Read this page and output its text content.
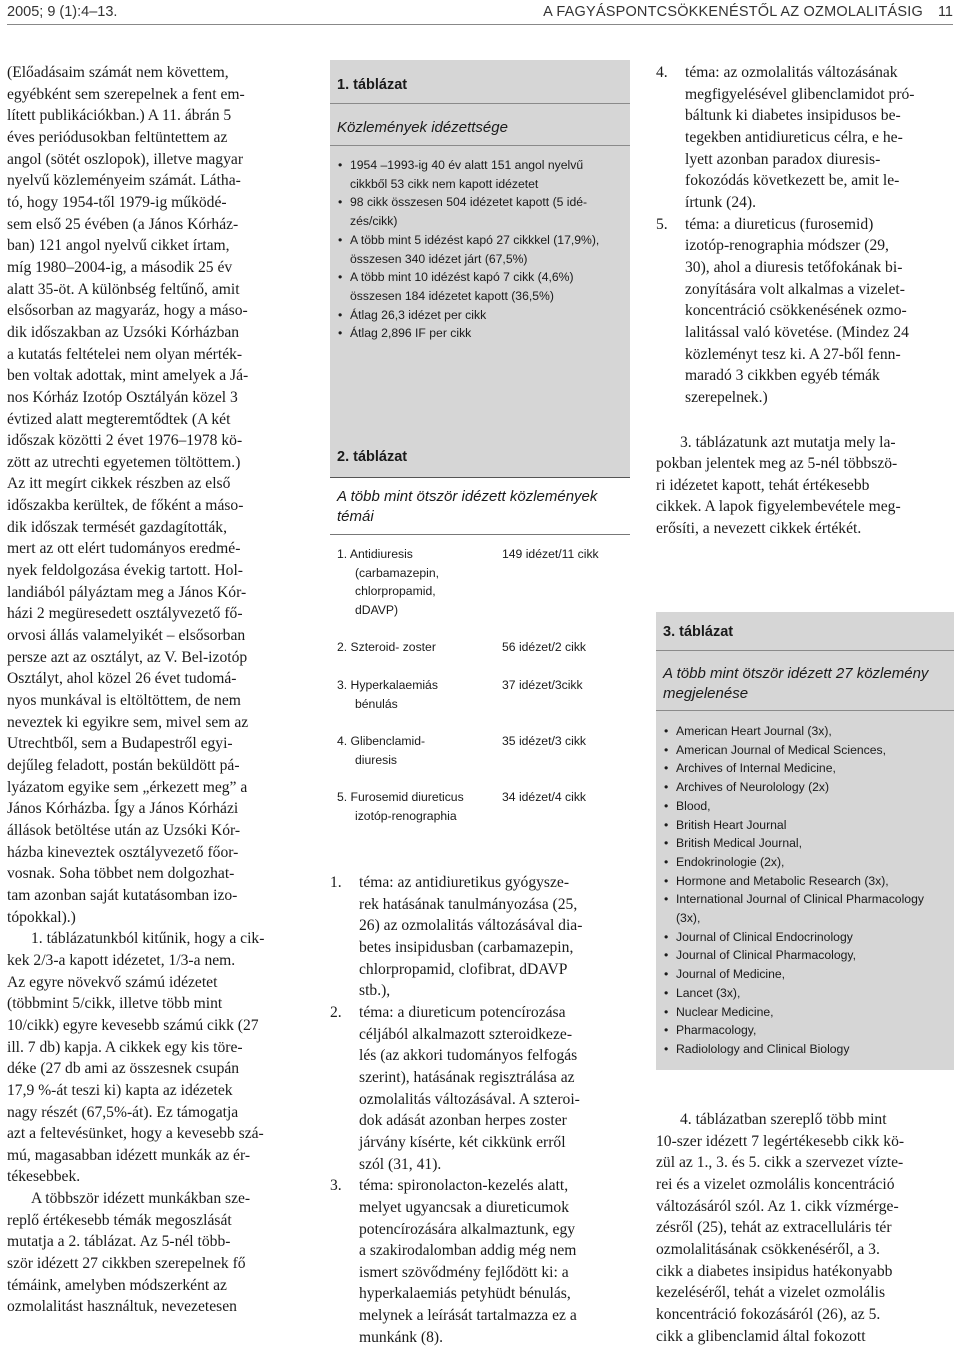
2005; 9 (1):4–13.	A FAGYÁSPONTCSÖKKENÉSTŐL AZ OZMOLALITÁSIG 11
(Előadásaim számát nem követtem,
egyébként sem szerepelnek a fent em-
lített publikációkban.) A 11. ábrán 5
éves periódusokban feltüntettem az
angol (sötét oszlopok), illetve magyar
nyelvű közleményeim számát. Látha-
tó, hogy 1954-től 1979-ig működé-
sem első 25 évében (a János Kórház-
ban) 121 angol nyelvű cikket írtam,
míg 1980–2004-ig, a második 25 év
alatt 35-öt. A különbség feltűnő, amit
elsősorban az magyaráz, hogy a máso-
dik időszakban az Uzsóki Kórházban
a kutatás feltételei nem olyan mérték-
ben voltak adottak, mint amelyek a Já-
nos Kórház Izotóp Osztályán közel 3
évtized alatt megteremtődtek (A két
időszak közötti 2 évet 1976–1978 kö-
zött az utrechti egyetemen töltöttem.)
Az itt megírt cikkek részben az első
időszakba kerültek, de főként a máso-
dik időszak termését gazdagították,
mert az ott elért tudományos eredmé-
nyek feldolgozása évekig tartott. Hol-
landiából pályáztam meg a János Kór-
házi 2 megüresedett osztályvezető fő-
orvosi állás valamelyikét – elsősorban
persze azt az osztályt, az V. Bel-izotóp
Osztályt, ahol közel 26 évet tudomá-
nyos munkával is eltöltöttem, de nem
neveztek ki egyikre sem, mivel sem az
Utrechtből, sem a Budapestről egyi-
dejűleg feladott, postán beküldött pá-
lyázatom egyike sem „érkezett meg” a
János Kórházba. Így a János Kórházi
állások betöltése után az Uzsóki Kór-
házba kineveztek osztályvezető főor-
vosnak. Soha többet nem dolgozhat-
tam azonban saját kutatásomban izo-
tópokkal).)
1. táblázatunkból kitűnik, hogy a cik-
kek 2/3-a kapott idézetet, 1/3-a nem.
Az egyre növekvő számú idézetet
(többmint 5/cikk, illetve több mint
10/cikk) egyre kevesebb számú cikk (27
ill. 7 db) kapja. A cikkek egy kis töre-
déke (27 db ami az összesnek csupán
17,9 %-át teszi ki) kapta az idézetek
nagy részét (67,5%-át). Ez támogatja
azt a feltevésünket, hogy a kevesebb szá-
mú, magasabban idézett munkák az ér-
tékesebbek.
A többször idézett munkákban sze-
replő értékesebb témák megoszlását
mutatja a 2. táblázat. Az 5-nél több-
ször idézett 27 cikkben szerepelnek fő
témáink, amelyben módszerként az
ozmolalitást használtuk, nevezetesen
1. táblázat
Közlemények idézettsége
• 1954 –1993-ig 40 év alatt 151 angol nyelvű
cikkből 53 cikk nem kapott idézetet
• 98 cikk összesen 504 idézetet kapott (5 idé-
zés/cikk)
• A több mint 5 idézést kapó 27 cikkkel (17,9%),
összesen 340 idézet járt (67,5%)
• A több mint 10 idézést kapó 7 cikk (4,6%)
összesen 184 idézetet kapott (36,5%)
• Átlag 26,3 idézet per cikk
• Átlag 2,896 IF per cikk
2. táblázat
A több mint ötször idézett közlemények
témái
1. Antidiuresis
(carbamazepin,
chlorpropamid,
dDAVP)
149 idézet/11 cikk
2. Szteroid- zoster	56 idézet/2 cikk
3. Hyperkalaemiás
bénulás
37 idézet/3cikk
4. Glibenclamid-
diuresis
35 idézet/3 cikk
5. Furosemid diureticus
izotóp-renographia
34 idézet/4 cikk
1. téma: az antidiuretikus gyógysze-
rek hatásának tanulmányozása (25,
26) az ozmolalitás változásával dia-
betes insipidusban (carbamazepin,
chlorpropamid, clofibrat, dDAVP
stb.),
2. téma: a diureticum potencírozása
céljából alkalmazott szteroidkeze-
lés (az akkori tudományos felfogás
szerint), hatásának regisztrálása az
ozmolalitás változásával. A szteroi-
dok adását azonban herpes zoster
járvány kísérte, két cikkünk erről
szól (31, 41).
3. téma: spironolacton-kezelés alatt,
melyet ugyancsak a diureticumok
potencírozására alkalmaztunk, egy
a szakirodalomban addig még nem
ismert szövődmény fejlődött ki: a
hyperkalaemiás petyhüdt bénulás,
melynek a leírását tartalmazza ez a
munkánk (8).
4. téma: az ozmolalitás változásának
megfigyelésével glibenclamidot pró-
báltunk ki diabetes insipidusos be-
tegekben antidiureticus célra, e he-
lyett azonban paradox diuresis-
fokozódás következett be, amit le-
írtunk (24).
5. téma: a diureticus (furosemid)
izotóp-renographia módszer (29,
30), ahol a diuresis tetőfokának bi-
zonyítására volt alkalmas a vizelet-
koncentráció csökkenésének ozmo-
lalitással való követése. (Mindez 24
közleményt tesz ki. A 27-ből fenn-
maradó 3 cikkben egyéb témák
szerepelnek.)

3. táblázatunk azt mutatja mely la-
pokban jelentek meg az 5-nél többszö-
ri idézetet kapott, tehát értékesebb
cikkek. A lapok figyelembevétele meg-
erősíti, a nevezett cikkek értékét.

3. táblázat
A több mint ötször idézett 27 közlemény
megjelenése
• American Heart Journal (3x),
• American Journal of Medical Sciences,
• Archives of Internal Medicine,
• Archives of Neurolology (2x)
• Blood,
• British Heart Journal
• British Medical Journal,
• Endokrinologie (2x),
• Hormone and Metabolic Research (3x),
• International Journal of Clinical Pharmacology
(3x),
• Journal of Clinical Endocrinology
• Journal of Clinical Pharmacology,
• Journal of Medicine,
• Lancet (3x),
• Nuclear Medicine,
• Pharmacology,
• Radiolology and Clinical Biology

4. táblázatban szereplő több mint
10-szer idézett 7 legértékesebb cikk kö-
zül az 1., 3. és 5. cikk a szervezet vízte-
rei és a vizelet ozmolális koncentráció
változásáról szól. Az 1. cikk vízmérge-
zésről (25), tehát az extracelluláris tér
ozmolalitásának csökkenéséről, a 3.
cikk a diabetes insipidus hatékonyabb
kezeléséről, tehát a vizelet ozmolális
koncentráció fokozásáról (26), az 5.
cikk a glibenclamid által fokozott
